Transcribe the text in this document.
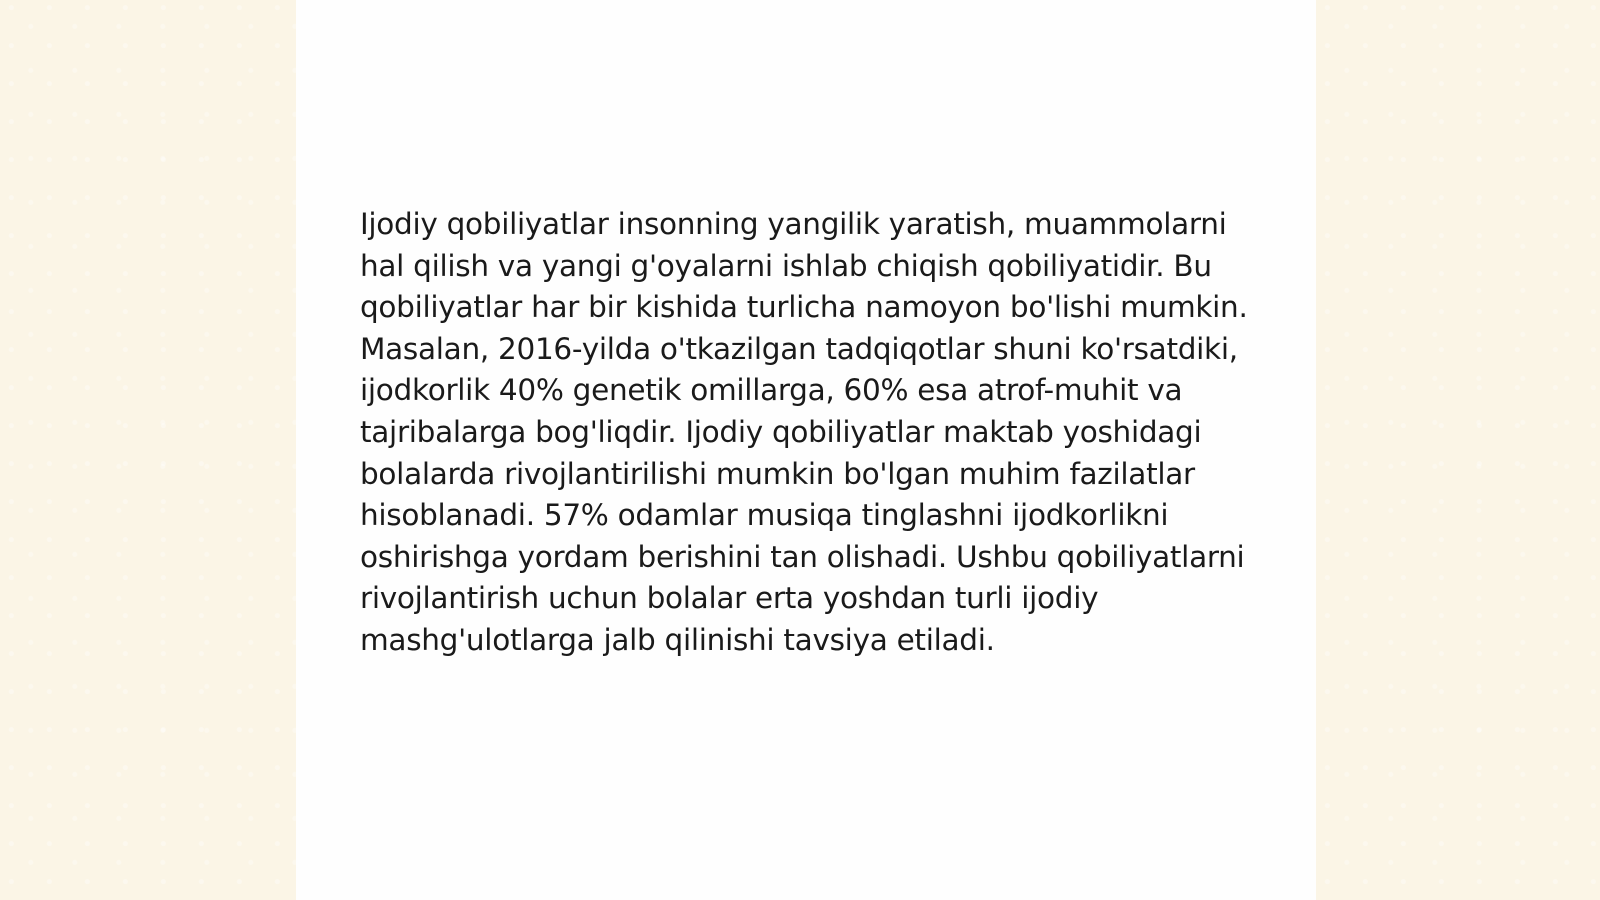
Ijodiy qobiliyatlar insonning yangilik yaratish, muammolarni hal qilish va yangi g'oyalarni ishlab chiqish qobiliyatidir. Bu qobiliyatlar har bir kishida turlicha namoyon bo'lishi mumkin. Masalan, 2016-yilda o'tkazilgan tadqiqotlar shuni ko'rsatdiki, ijodkorlik 40% genetik omillarga, 60% esa atrof-muhit va tajribalarga bog'liqdir. Ijodiy qobiliyatlar maktab yoshidagi bolalarda rivojlantirilishi mumkin bo'lgan muhim fazilatlar hisoblanadi. 57% odamlar musiqa tinglashni ijodkorlikni oshirishga yordam berishini tan olishadi. Ushbu qobiliyatlarni rivojlantirish uchun bolalar erta yoshdan turli ijodiy mashg'ulotlarga jalb qilinishi tavsiya etiladi.
